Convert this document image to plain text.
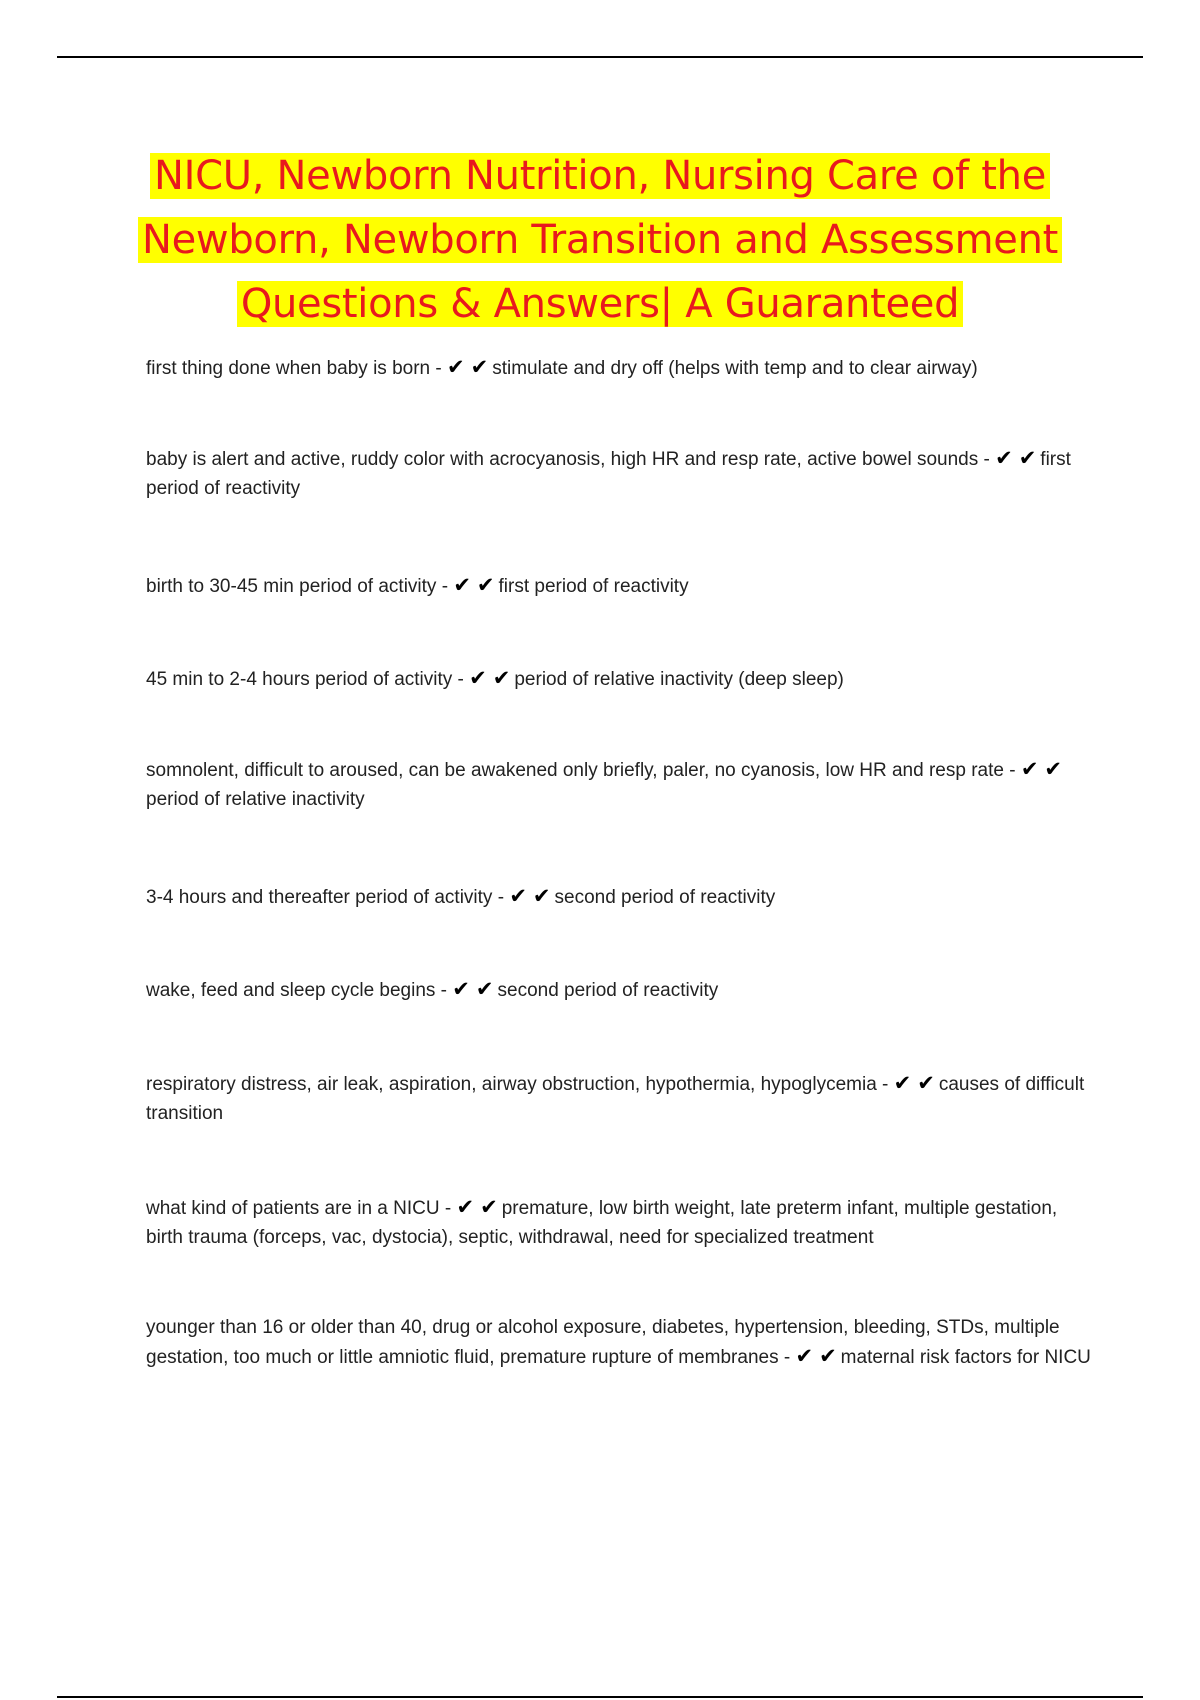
NICU, Newborn Nutrition, Nursing Care of the Newborn, Newborn Transition and Assessment Questions & Answers| A Guaranteed
first thing done when baby is born - ✔✔stimulate and dry off (helps with temp and to clear airway)
baby is alert and active, ruddy color with acrocyanosis, high HR and resp rate, active bowel sounds - ✔✔first period of reactivity
birth to 30-45 min period of activity - ✔✔first period of reactivity
45 min to 2-4 hours period of activity - ✔✔period of relative inactivity (deep sleep)
somnolent, difficult to aroused, can be awakened only briefly, paler, no cyanosis, low HR and resp rate - ✔✔period of relative inactivity
3-4 hours and thereafter period of activity - ✔✔second period of reactivity
wake, feed and sleep cycle begins - ✔✔second period of reactivity
respiratory distress, air leak, aspiration, airway obstruction, hypothermia, hypoglycemia - ✔✔causes of difficult transition
what kind of patients are in a NICU - ✔✔premature, low birth weight, late preterm infant, multiple gestation, birth trauma (forceps, vac, dystocia), septic, withdrawal, need for specialized treatment
younger than 16 or older than 40, drug or alcohol exposure, diabetes, hypertension, bleeding, STDs, multiple gestation, too much or little amniotic fluid, premature rupture of membranes - ✔✔maternal risk factors for NICU
